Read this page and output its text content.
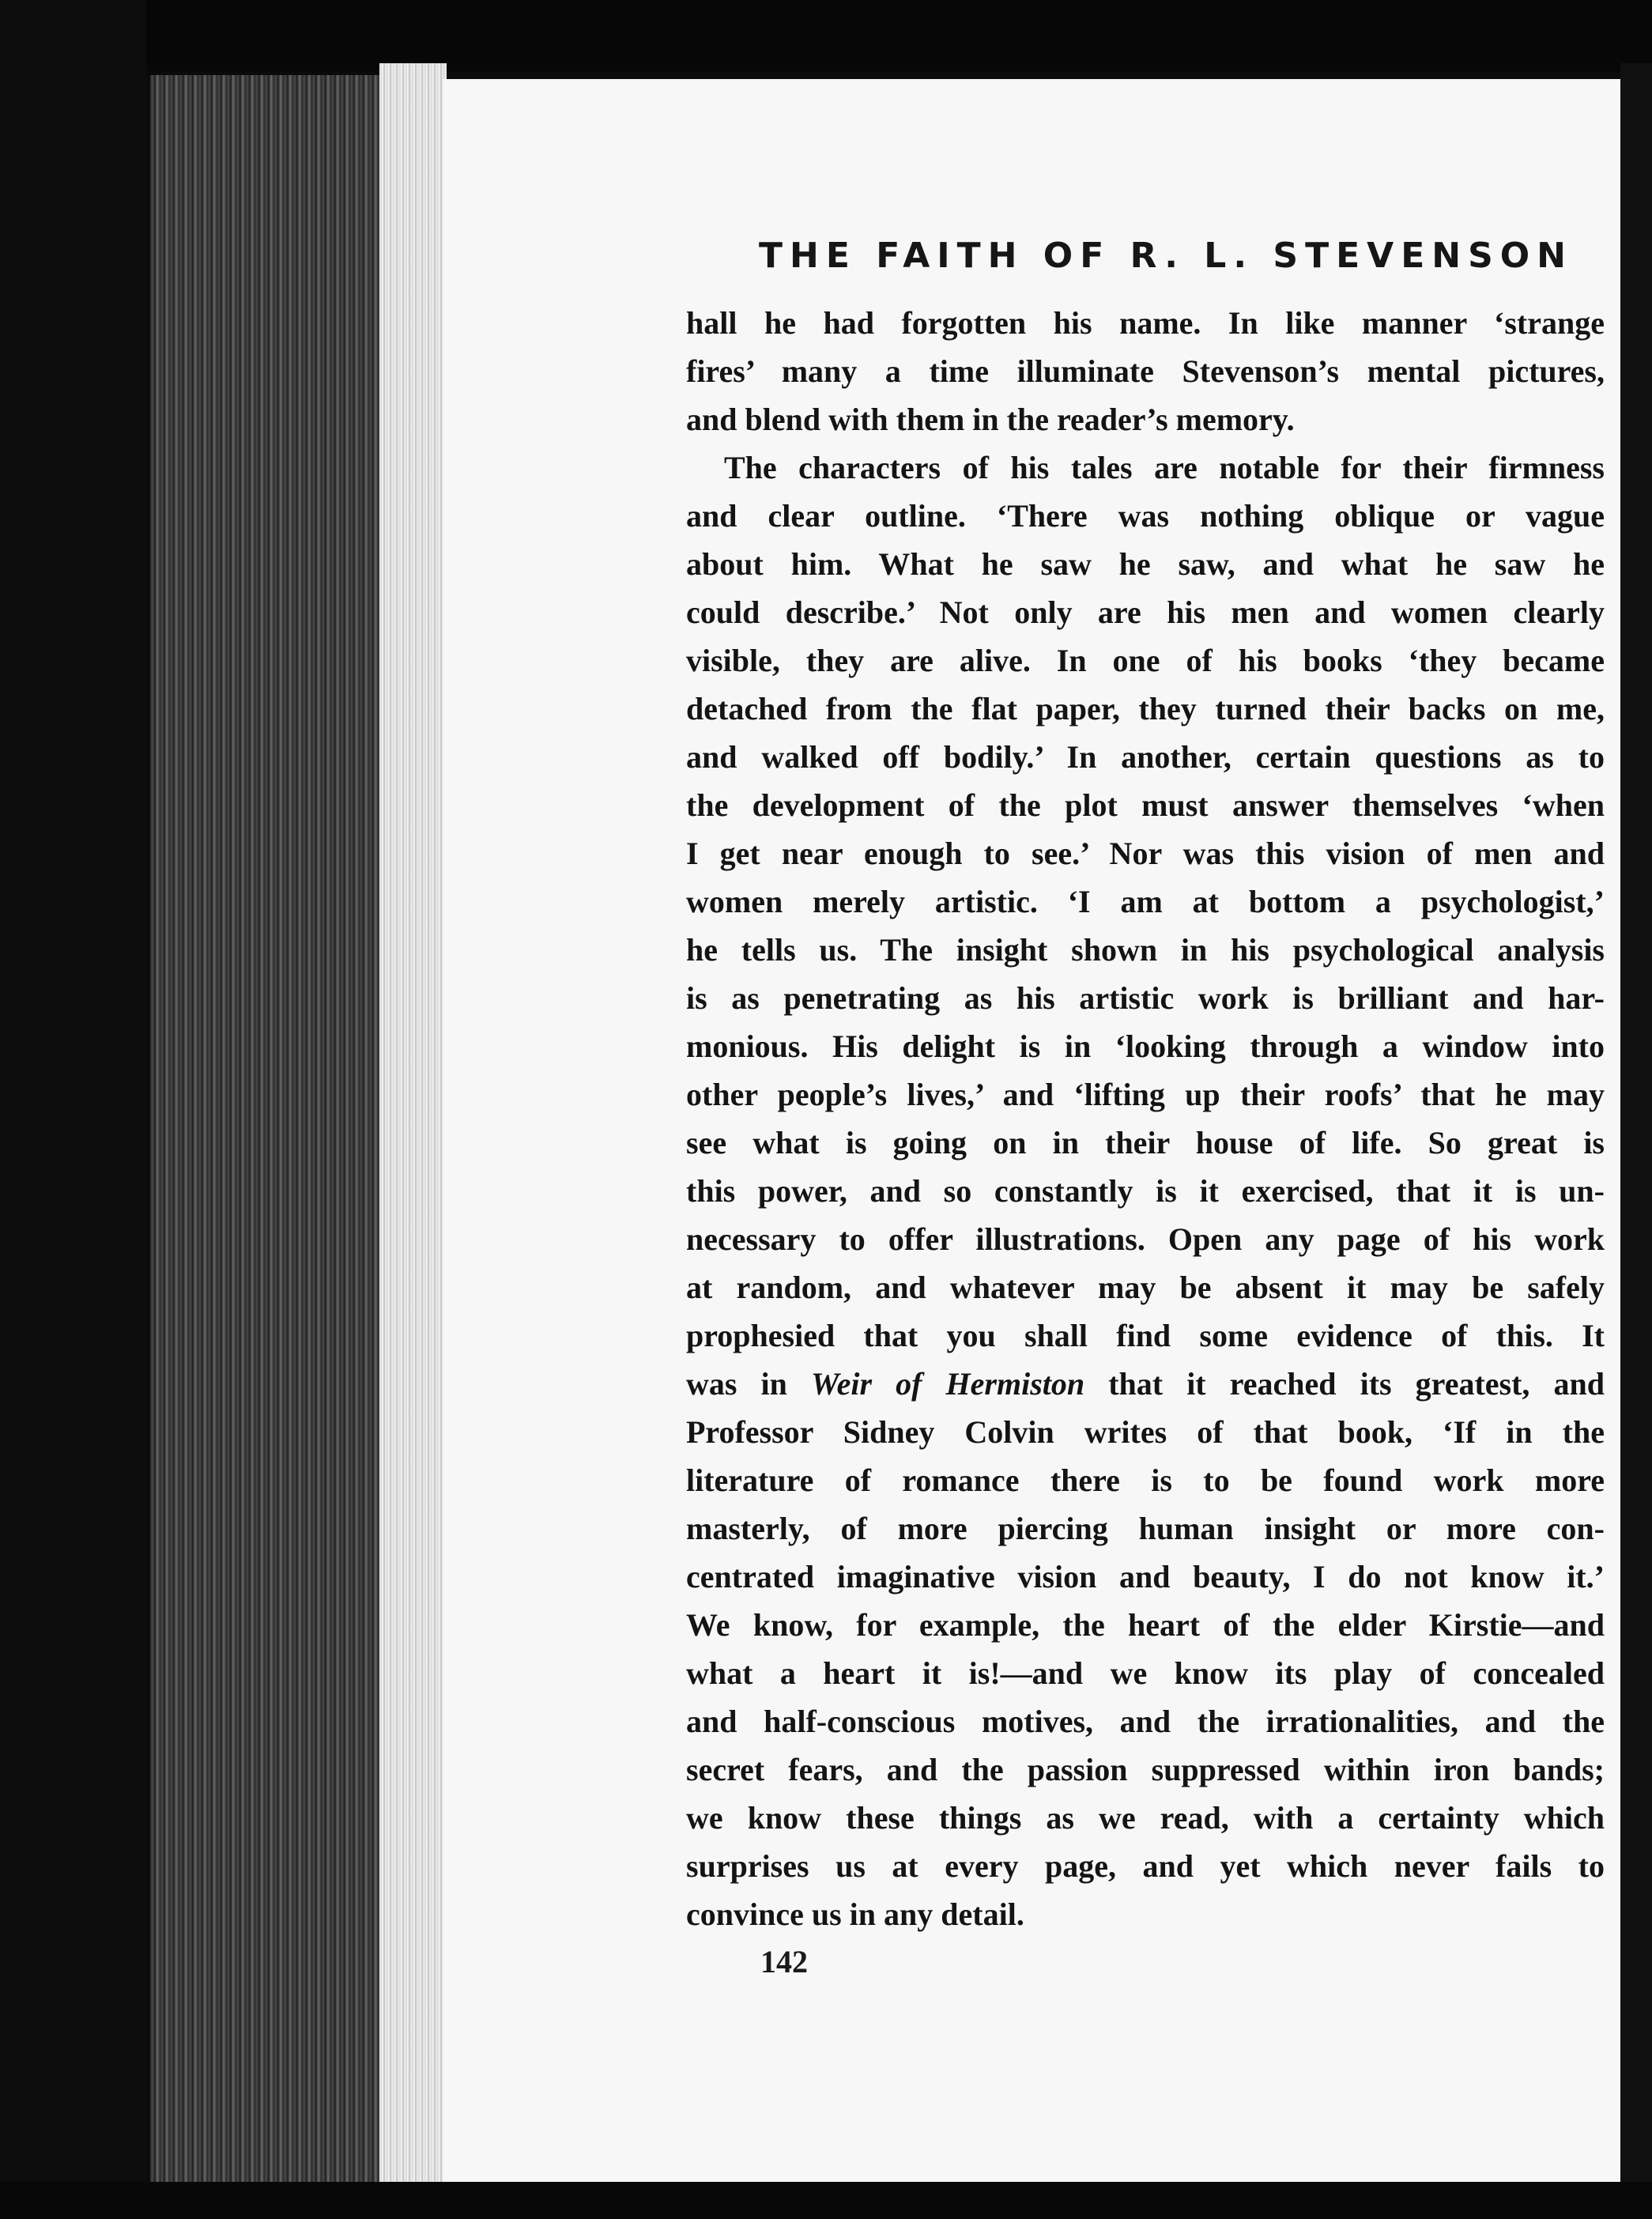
THE FAITH OF R. L. STEVENSON
hall he had forgotten his name. In like manner ‘strange
fires’ many a time illuminate Stevenson’s mental pictures,
and blend with them in the reader’s memory.
The characters of his tales are notable for their firmness
and clear outline. ‘There was nothing oblique or vague
about him. What he saw he saw, and what he saw he
could describe.’ Not only are his men and women clearly
visible, they are alive. In one of his books ‘they became
detached from the flat paper, they turned their backs on me,
and walked off bodily.’ In another, certain questions as to
the development of the plot must answer themselves ‘when
I get near enough to see.’ Nor was this vision of men and
women merely artistic. ‘I am at bottom a psychologist,’
he tells us. The insight shown in his psychological analysis
is as penetrating as his artistic work is brilliant and har-
monious. His delight is in ‘looking through a window into
other people’s lives,’ and ‘lifting up their roofs’ that he may
see what is going on in their house of life. So great is
this power, and so constantly is it exercised, that it is un-
necessary to offer illustrations. Open any page of his work
at random, and whatever may be absent it may be safely
prophesied that you shall find some evidence of this. It
was in Weir of Hermiston that it reached its greatest, and
Professor Sidney Colvin writes of that book, ‘If in the
literature of romance there is to be found work more
masterly, of more piercing human insight or more con-
centrated imaginative vision and beauty, I do not know it.’
We know, for example, the heart of the elder Kirstie—and
what a heart it is!—and we know its play of concealed
and half-conscious motives, and the irrationalities, and the
secret fears, and the passion suppressed within iron bands;
we know these things as we read, with a certainty which
surprises us at every page, and yet which never fails to
convince us in any detail.
142
